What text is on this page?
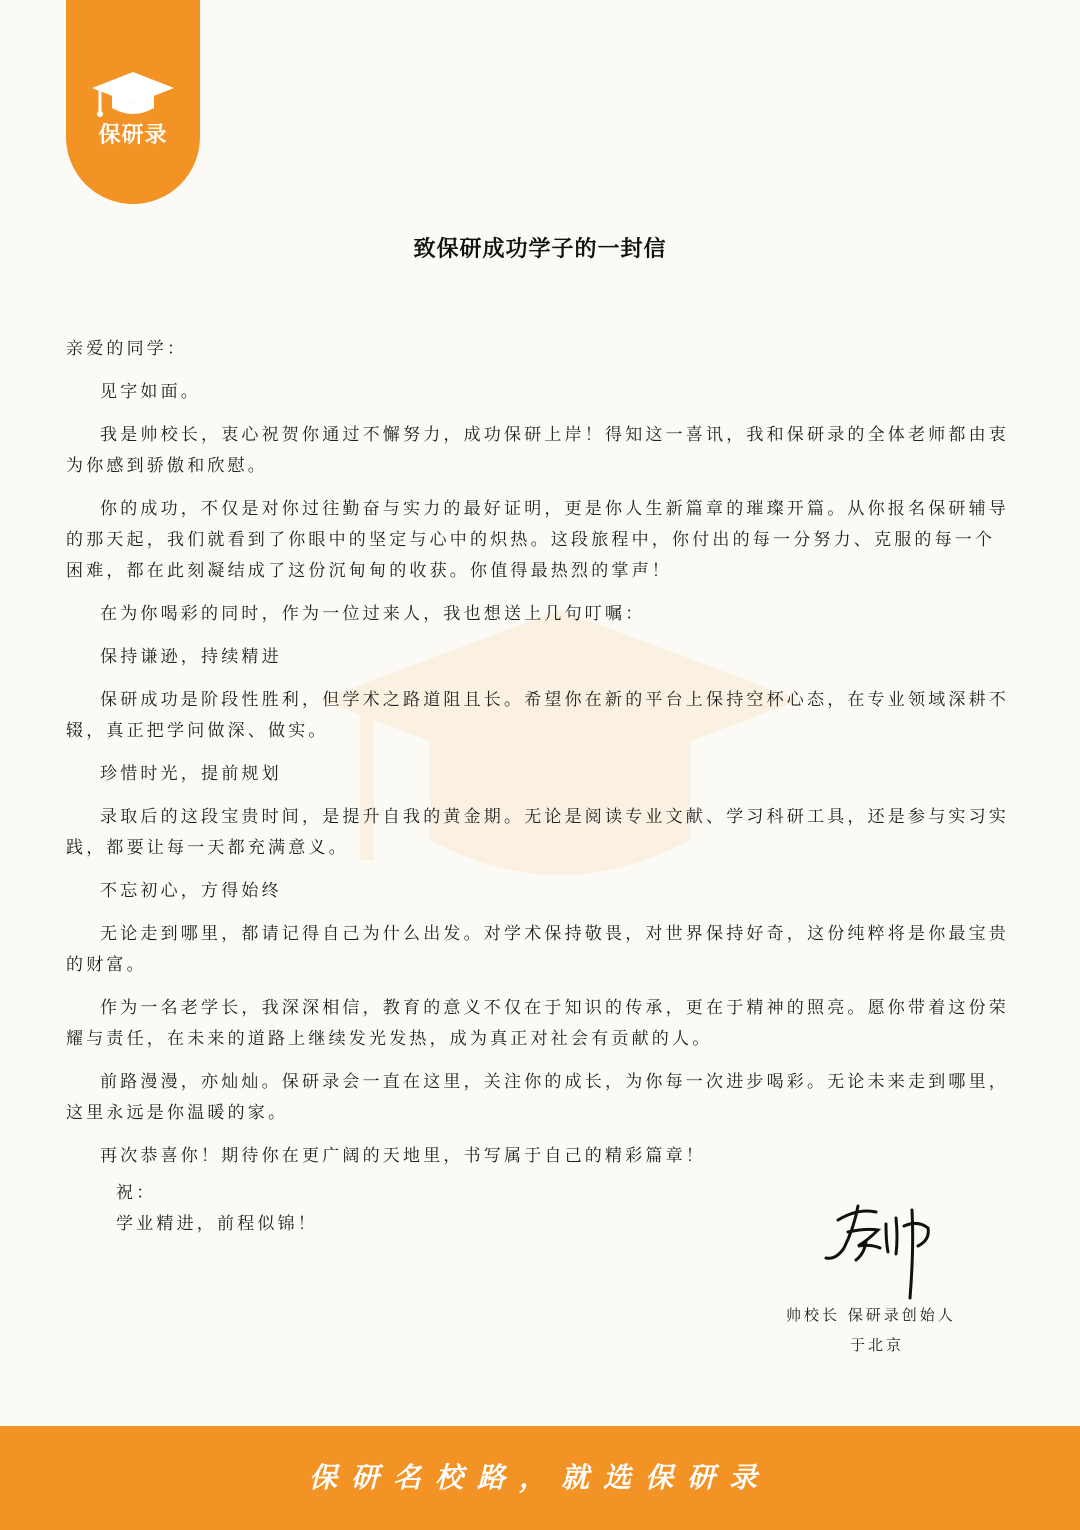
保研录
致保研成功学子的一封信

亲爱的同学：

见字如面。

我是帅校长，衷心祝贺你通过不懈努力，成功保研上岸！得知这一喜讯，我和保研录的全体老师都由衷为你感到骄傲和欣慰。

你的成功，不仅是对你过往勤奋与实力的最好证明，更是你人生新篇章的璀璨开篇。从你报名保研辅导的那天起，我们就看到了你眼中的坚定与心中的炽热。这段旅程中，你付出的每一分努力、克服的每一个困难，都在此刻凝结成了这份沉甸甸的收获。你值得最热烈的掌声！

在为你喝彩的同时，作为一位过来人，我也想送上几句叮嘱：

保持谦逊，持续精进

保研成功是阶段性胜利，但学术之路道阻且长。希望你在新的平台上保持空杯心态，在专业领域深耕不辍，真正把学问做深、做实。

珍惜时光，提前规划

录取后的这段宝贵时间，是提升自我的黄金期。无论是阅读专业文献、学习科研工具，还是参与实习实践，都要让每一天都充满意义。

不忘初心，方得始终

无论走到哪里，都请记得自己为什么出发。对学术保持敬畏，对世界保持好奇，这份纯粹将是你最宝贵的财富。

作为一名老学长，我深深相信，教育的意义不仅在于知识的传承，更在于精神的照亮。愿你带着这份荣耀与责任，在未来的道路上继续发光发热，成为真正对社会有贡献的人。

前路漫漫，亦灿灿。保研录会一直在这里，关注你的成长，为你每一次进步喝彩。无论未来走到哪里，这里永远是你温暖的家。

再次恭喜你！期待你在更广阔的天地里，书写属于自己的精彩篇章！

祝：
学业精进，前程似锦！
帅校长 保研录创始人
于北京
保研名校路，就选保研录
